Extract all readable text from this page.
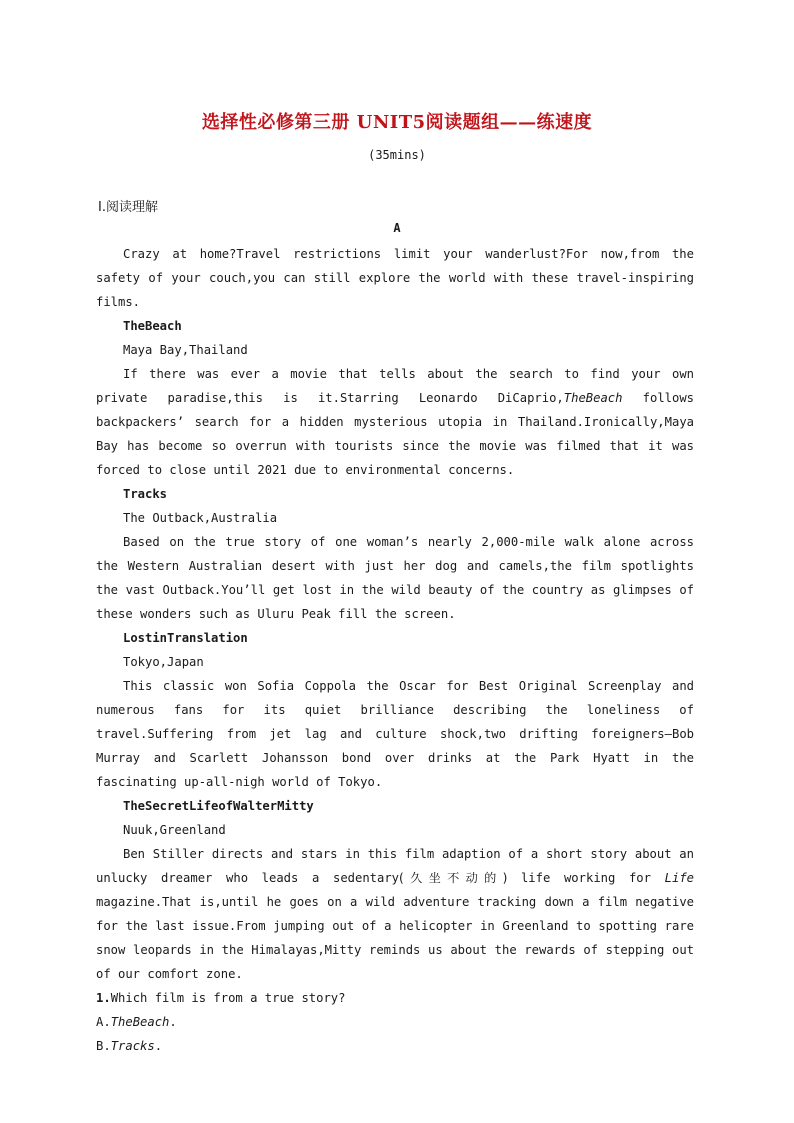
选择性必修第三册 UNIT5阅读题组——练速度
(35mins)
Ⅰ.阅读理解
A

Crazy at home?Travel restrictions limit your wanderlust?For now,from the safety of your couch,you can still explore the world with these travel-inspiring films.

TheBeach

Maya Bay,Thailand

If there was ever a movie that tells about the search to find your own private paradise,this is it.Starring Leonardo DiCaprio,TheBeach follows backpackers’ search for a hidden mysterious utopia in Thailand.Ironically,Maya Bay has become so overrun with tourists since the movie was filmed that it was forced to close until 2021 due to environmental concerns.

Tracks

The Outback,Australia

Based on the true story of one woman’s nearly 2,000-mile walk alone across the Western Australian desert with just her dog and camels,the film spotlights the vast Outback.You’ll get lost in the wild beauty of the country as glimpses of these wonders such as Uluru Peak fill the screen.

LostinTranslation

Tokyo,Japan

This classic won Sofia Coppola the Oscar for Best Original Screenplay and numerous fans for its quiet brilliance describing the loneliness of travel.Suffering from jet lag and culture shock,two drifting foreigners—Bob Murray and Scarlett Johansson bond over drinks at the Park Hyatt in the fascinating up-all-nigh world of Tokyo.

TheSecretLifeofWalterMitty

Nuuk,Greenland

Ben Stiller directs and stars in this film adaption of a short story about an unlucky dreamer who leads a sedentary(久坐不动的) life working for Life magazine.That is,until he goes on a wild adventure tracking down a film negative for the last issue.From jumping out of a helicopter in Greenland to spotting rare snow leopards in the Himalayas,Mitty reminds us about the rewards of stepping out of our comfort zone.

1.Which film is from a true story?

A.TheBeach.

B.Tracks.
